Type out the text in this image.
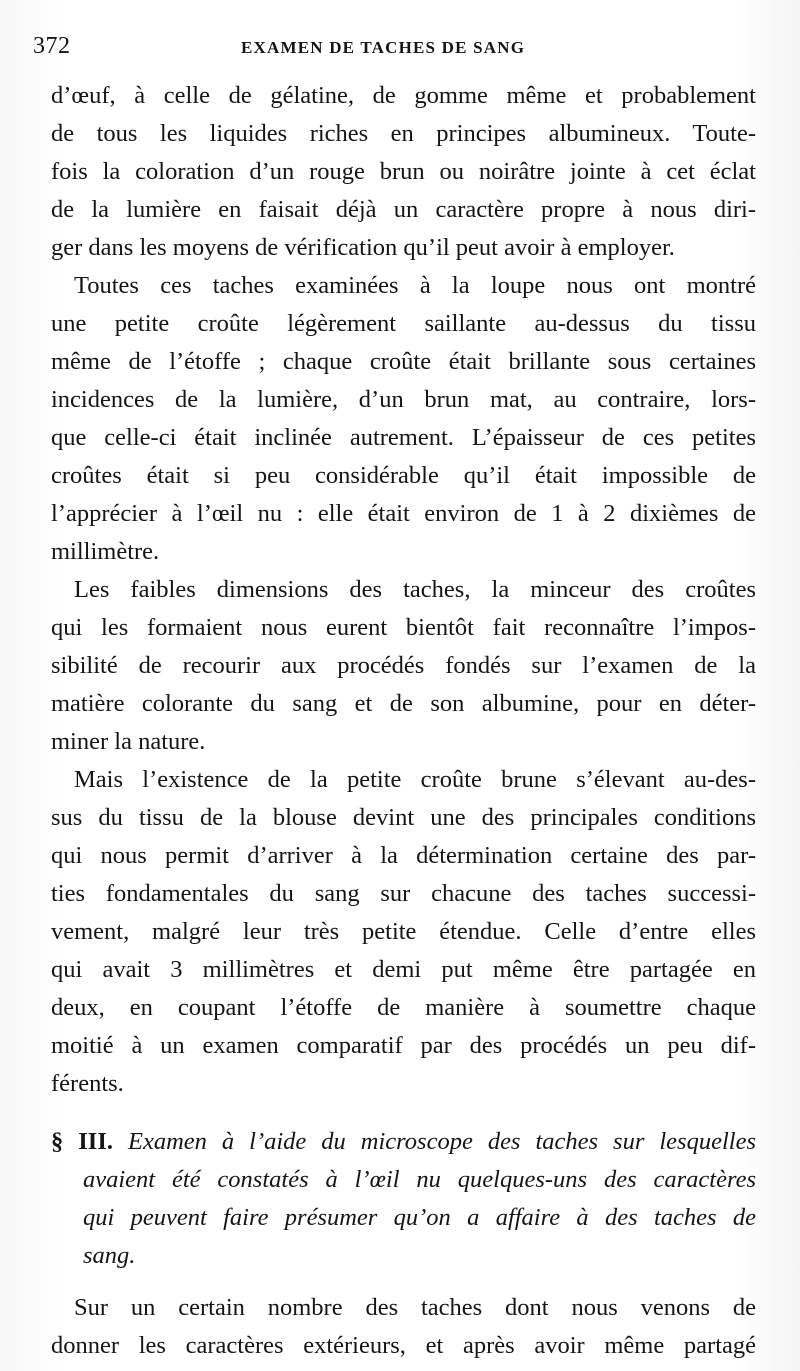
372	EXAMEN DE TACHES DE SANG
d’œuf, à celle de gélatine, de gomme même et probablement
de tous les liquides riches en principes albumineux. Toute-
fois la coloration d’un rouge brun ou noirâtre jointe à cet éclat
de la lumière en faisait déjà un caractère propre à nous diri-
ger dans les moyens de vérification qu’il peut avoir à employer.
Toutes ces taches examinées à la loupe nous ont montré
une petite croûte légèrement saillante au-dessus du tissu
même de l’étoffe ; chaque croûte était brillante sous certaines
incidences de la lumière, d’un brun mat, au contraire, lors-
que celle-ci était inclinée autrement. L’épaisseur de ces petites
croûtes était si peu considérable qu’il était impossible de
l’apprécier à l’œil nu : elle était environ de 1 à 2 dixièmes de
millimètre.
Les faibles dimensions des taches, la minceur des croûtes
qui les formaient nous eurent bientôt fait reconnaître l’impos-
sibilité de recourir aux procédés fondés sur l’examen de la
matière colorante du sang et de son albumine, pour en déter-
miner la nature.
Mais l’existence de la petite croûte brune s’élevant au-des-
sus du tissu de la blouse devint une des principales conditions
qui nous permit d’arriver à la détermination certaine des par-
ties fondamentales du sang sur chacune des taches successi-
vement, malgré leur très petite étendue. Celle d’entre elles
qui avait 3 millimètres et demi put même être partagée en
deux, en coupant l’étoffe de manière à soumettre chaque
moitié à un examen comparatif par des procédés un peu dif-
férents.
§ III. Examen à l’aide du microscope des taches sur lesquelles
avaient été constatés à l’œil nu quelques-uns des caractères
qui peuvent faire présumer qu’on a affaire à des taches de
sang.
Sur un certain nombre des taches dont nous venons de
donner les caractères extérieurs, et après avoir même partagé
